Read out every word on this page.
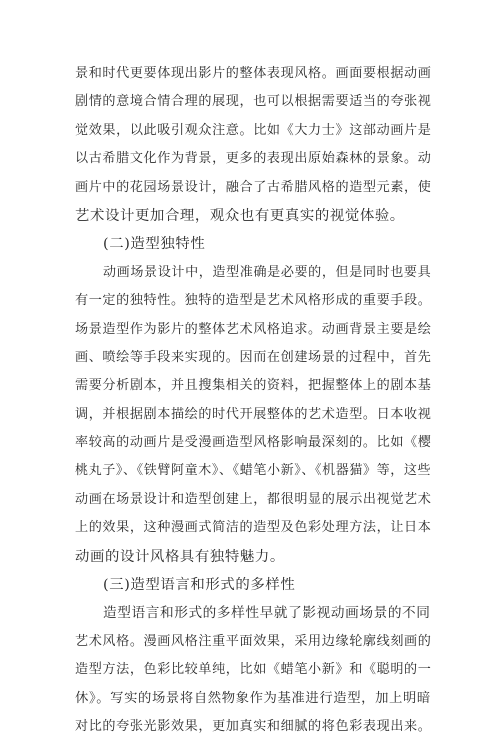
景和时代更要体现出影片的整体表现风格。画面要根据动画
剧情的意境合情合理的展现，也可以根据需要适当的夸张视
觉效果，以此吸引观众注意。比如《大力士》这部动画片是
以古希腊文化作为背景，更多的表现出原始森林的景象。动
画片中的花园场景设计，融合了古希腊风格的造型元素，使
艺术设计更加合理，观众也有更真实的视觉体验。
(二)造型独特性
动画场景设计中，造型准确是必要的，但是同时也要具
有一定的独特性。独特的造型是艺术风格形成的重要手段。
场景造型作为影片的整体艺术风格追求。动画背景主要是绘
画、喷绘等手段来实现的。因而在创建场景的过程中，首先
需要分析剧本，并且搜集相关的资料，把握整体上的剧本基
调，并根据剧本描绘的时代开展整体的艺术造型。日本收视
率较高的动画片是受漫画造型风格影响最深刻的。比如《樱
桃丸子》、《铁臂阿童木》、《蜡笔小新》、《机器猫》等，这些
动画在场景设计和造型创建上，都很明显的展示出视觉艺术
上的效果，这种漫画式简洁的造型及色彩处理方法，让日本
动画的设计风格具有独特魅力。
(三)造型语言和形式的多样性
造型语言和形式的多样性早就了影视动画场景的不同
艺术风格。漫画风格注重平面效果，采用边缘轮廓线刻画的
造型方法，色彩比较单纯，比如《蜡笔小新》和《聪明的一
休》。写实的场景将自然物象作为基准进行造型，加上明暗
对比的夸张光影效果，更加真实和细腻的将色彩表现出来。
